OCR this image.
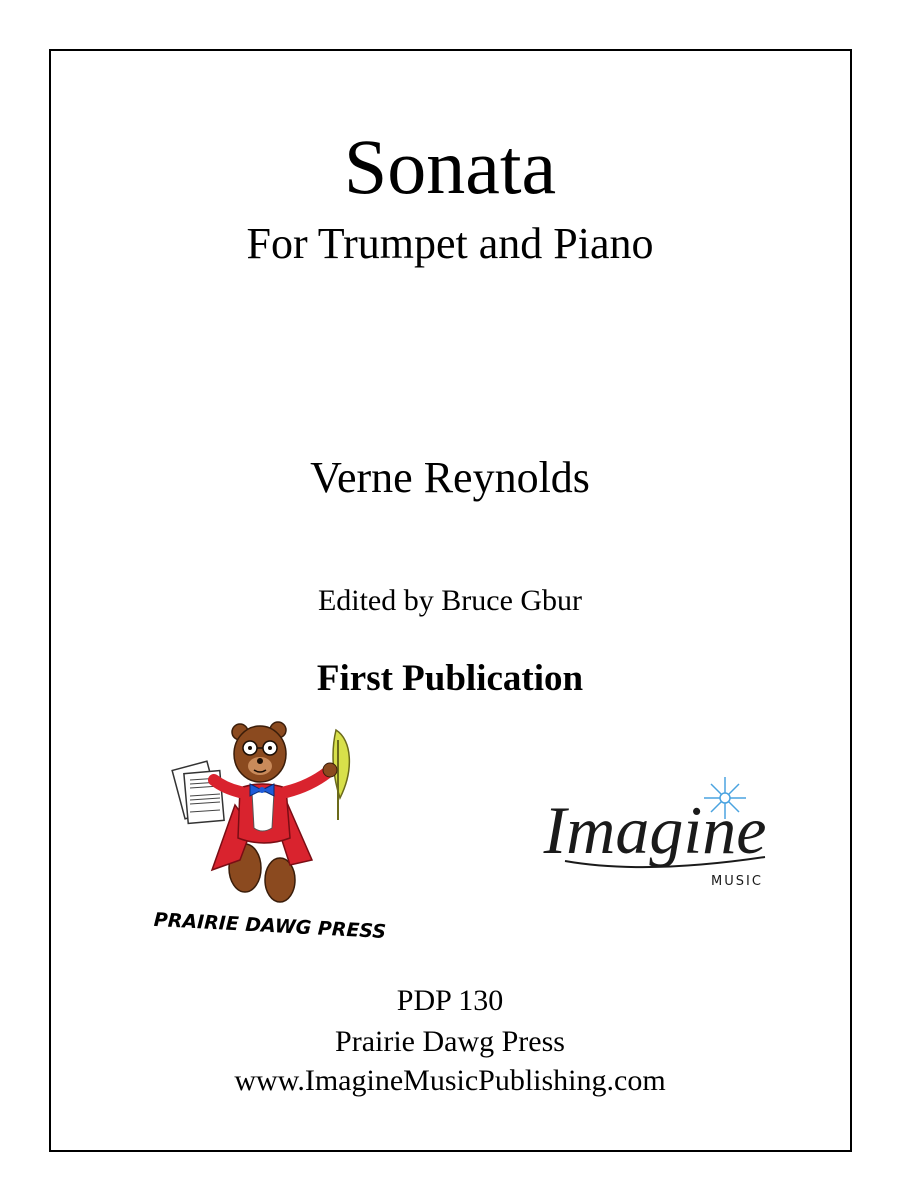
Sonata
For Trumpet and Piano
Verne Reynolds
Edited by Bruce Gbur
First Publication
PRAIRIE DAWG PRESS
Imagine
MUSIC
PDP 130
Prairie Dawg Press
www.ImagineMusicPublishing.com
